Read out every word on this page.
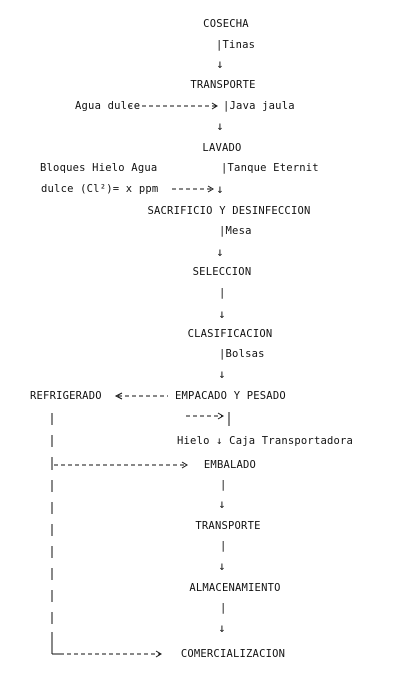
COSECHA
|Tinas
↓
TRANSPORTE
Agua dulce	|Java jaula
↓
LAVADO
Bloques Hielo Agua	|Tanque Eternit
dulce (Cl²)= x ppm	↓
SACRIFICIO Y DESINFECCION
|Mesa
↓
SELECCION
|
↓
CLASIFICACION
|Bolsas
↓
REFRIGERADO	EMPACADO Y PESADO
Hielo ↓ Caja Transportadora
EMBALADO
|
↓
TRANSPORTE
|
↓
ALMACENAMIENTO
|
↓
COMERCIALIZACION
